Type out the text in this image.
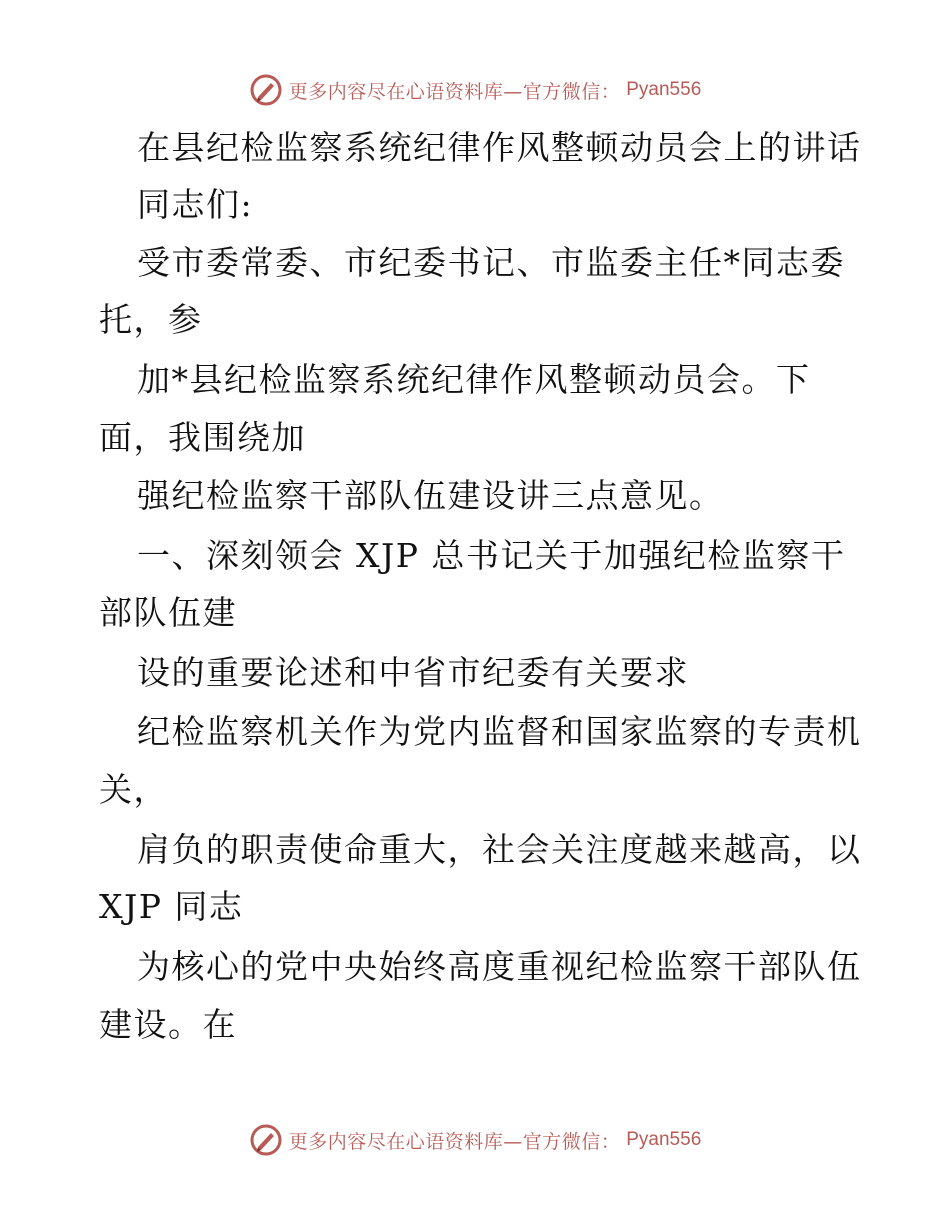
更多内容尽在心语资料库—官方微信： Pyan556
在县纪检监察系统纪律作风整顿动员会上的讲话
同志们:
受市委常委、市纪委书记、市监委主任*同志委
托，参
加*县纪检监察系统纪律作风整顿动员会。下
面，我围绕加
强纪检监察干部队伍建设讲三点意见。
一、深刻领会 XJP 总书记关于加强纪检监察干
部队伍建
设的重要论述和中省市纪委有关要求
纪检监察机关作为党内监督和国家监察的专责机
关，
肩负的职责使命重大，社会关注度越来越高，以
XJP 同志
为核心的党中央始终高度重视纪检监察干部队伍
建设。在
更多内容尽在心语资料库—官方微信： Pyan556
